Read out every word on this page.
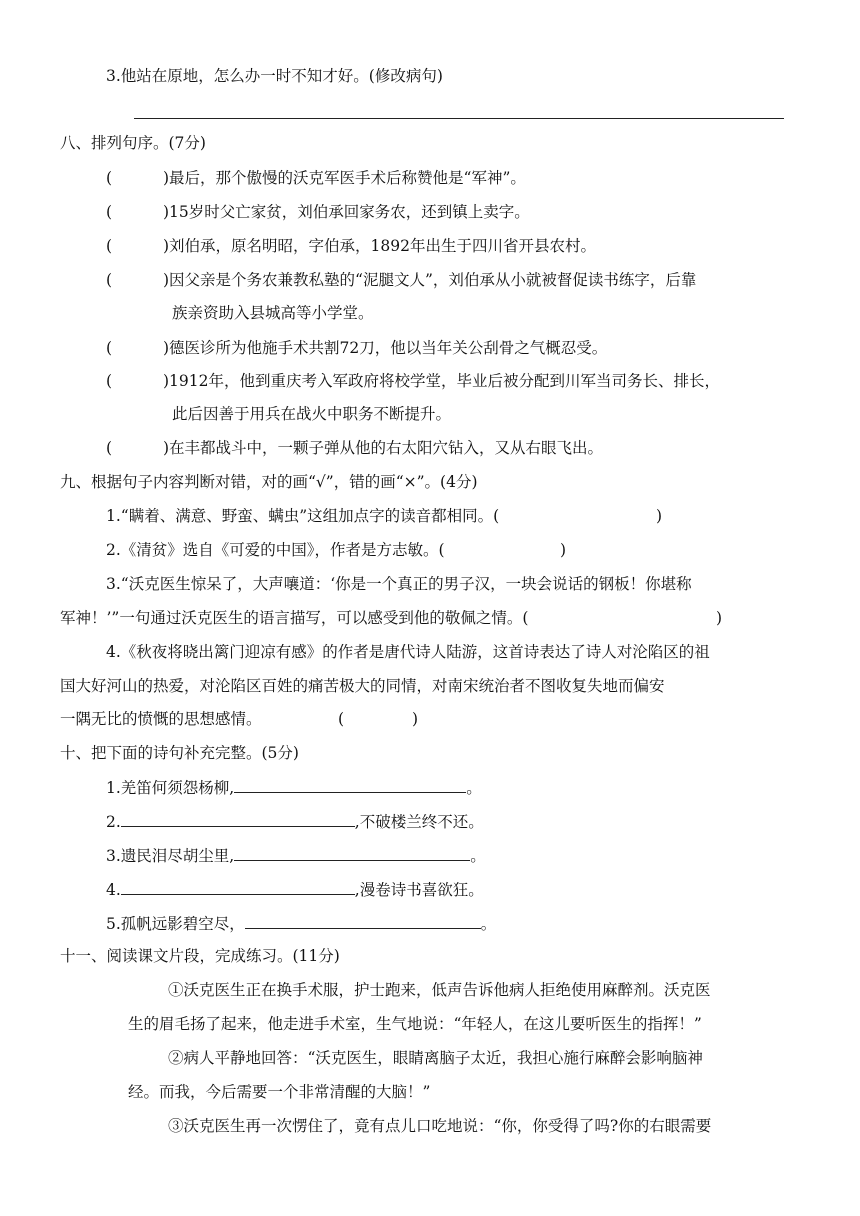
3.他站在原地，怎么办一时不知才好。(修改病句)
八、排列句序。(7分)
(	)最后，那个傲慢的沃克军医手术后称赞他是“军神”。
(	)15岁时父亡家贫，刘伯承回家务农，还到镇上卖字。
(	)刘伯承，原名明昭，字伯承，1892年出生于四川省开县农村。
(	)因父亲是个务农兼教私塾的“泥腿文人”，刘伯承从小就被督促读书练字，后靠
族亲资助入县城高等小学堂。
(	)德医诊所为他施手术共割72刀，他以当年关公刮骨之气概忍受。
(	)1912年，他到重庆考入军政府将校学堂，毕业后被分配到川军当司务长、排长，
此后因善于用兵在战火中职务不断提升。
(	)在丰都战斗中，一颗子弹从他的右太阳穴钻入，又从右眼飞出。
九、根据句子内容判断对错，对的画“√”，错的画“×”。(4分)
1.“瞒着、满意、野蛮、螨虫”这组加点字的读音都相同。(	)
2.《清贫》选自《可爱的中国》，作者是方志敏。(	)
3.“沃克医生惊呆了，大声嚷道：‘你是一个真正的男子汉，一块会说话的钢板！你堪称
军神！’”一句通过沃克医生的语言描写，可以感受到他的敬佩之情。(	)
4.《秋夜将晓出篱门迎凉有感》的作者是唐代诗人陆游，这首诗表达了诗人对沦陷区的祖
国大好河山的热爱，对沦陷区百姓的痛苦极大的同情，对南宋统治者不图收复失地而偏安
一隅无比的愤慨的思想感情。	(	)
十、把下面的诗句补充完整。(5分)
1.羌笛何须怨杨柳,	。
2.	,不破楼兰终不还。
3.遗民泪尽胡尘里,	。
4.	,漫卷诗书喜欲狂。
5.孤帆远影碧空尽，	。
十一、阅读课文片段，完成练习。(11分)
①沃克医生正在换手术服，护士跑来，低声告诉他病人拒绝使用麻醉剂。沃克医
生的眉毛扬了起来，他走进手术室，生气地说：“年轻人，在这儿要听医生的指挥！”
②病人平静地回答：“沃克医生，眼睛离脑子太近，我担心施行麻醉会影响脑神
经。而我，今后需要一个非常清醒的大脑！”
③沃克医生再一次愣住了，竟有点儿口吃地说：“你，你受得了吗?你的右眼需要
